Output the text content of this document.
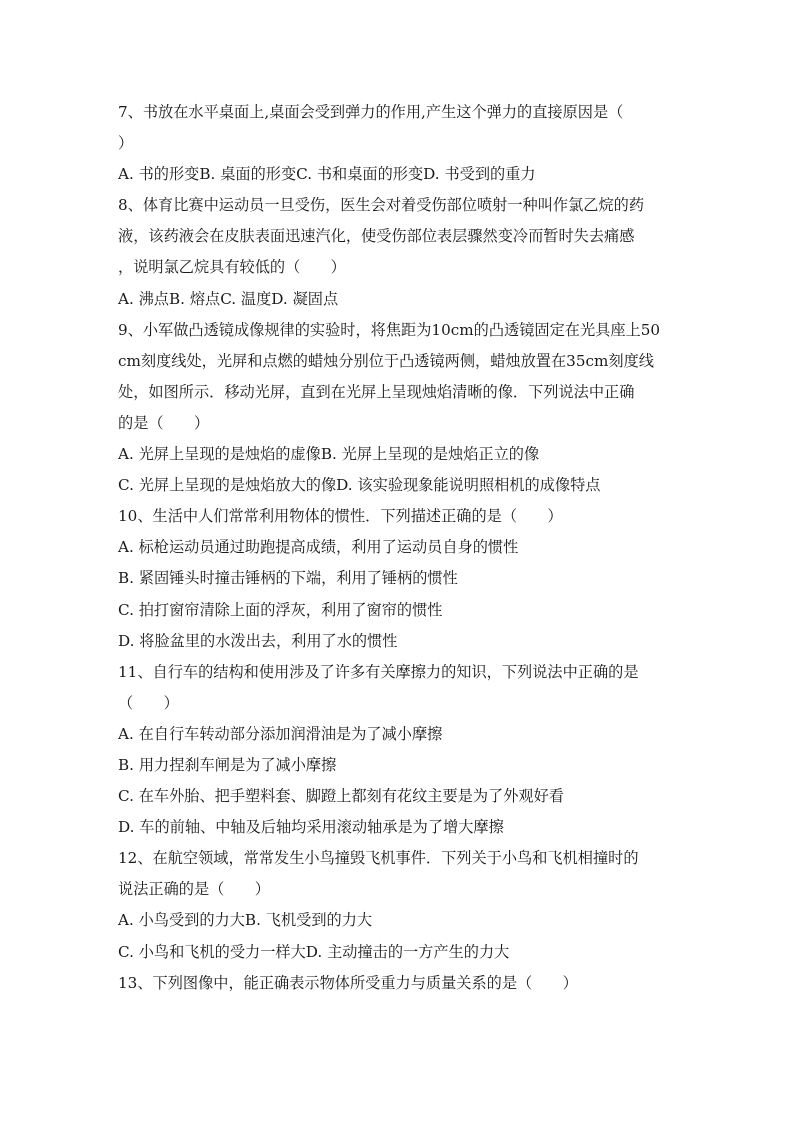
7、书放在水平桌面上,桌面会受到弹力的作用,产生这个弹力的直接原因是（
）
A. 书的形变B. 桌面的形变C. 书和桌面的形变D. 书受到的重力
8、体育比赛中运动员一旦受伤，医生会对着受伤部位喷射一种叫作氯乙烷的药
液，该药液会在皮肤表面迅速汽化，使受伤部位表层骤然变冷而暂时失去痛感
，说明氯乙烷具有较低的（　　）
A. 沸点B. 熔点C. 温度D. 凝固点
9、小军做凸透镜成像规律的实验时，将焦距为10cm的凸透镜固定在光具座上50
cm刻度线处，光屏和点燃的蜡烛分别位于凸透镜两侧，蜡烛放置在35cm刻度线
处，如图所示．移动光屏，直到在光屏上呈现烛焰清晰的像．下列说法中正确
的是（　　）
A. 光屏上呈现的是烛焰的虚像B. 光屏上呈现的是烛焰正立的像
C. 光屏上呈现的是烛焰放大的像D. 该实验现象能说明照相机的成像特点
10、生活中人们常常利用物体的惯性．下列描述正确的是（　　）
A. 标枪运动员通过助跑提高成绩，利用了运动员自身的惯性
B. 紧固锤头时撞击锤柄的下端，利用了锤柄的惯性
C. 拍打窗帘清除上面的浮灰，利用了窗帘的惯性
D. 将脸盆里的水泼出去，利用了水的惯性
11、自行车的结构和使用涉及了许多有关摩擦力的知识，下列说法中正确的是
（　　）
A. 在自行车转动部分添加润滑油是为了减小摩擦
B. 用力捏刹车闸是为了减小摩擦
C. 在车外胎、把手塑料套、脚蹬上都刻有花纹主要是为了外观好看
D. 车的前轴、中轴及后轴均采用滚动轴承是为了增大摩擦
12、在航空领域，常常发生小鸟撞毁飞机事件．下列关于小鸟和飞机相撞时的
说法正确的是（　　）
A. 小鸟受到的力大B. 飞机受到的力大
C. 小鸟和飞机的受力一样大D. 主动撞击的一方产生的力大
13、下列图像中，能正确表示物体所受重力与质量关系的是（　　）
